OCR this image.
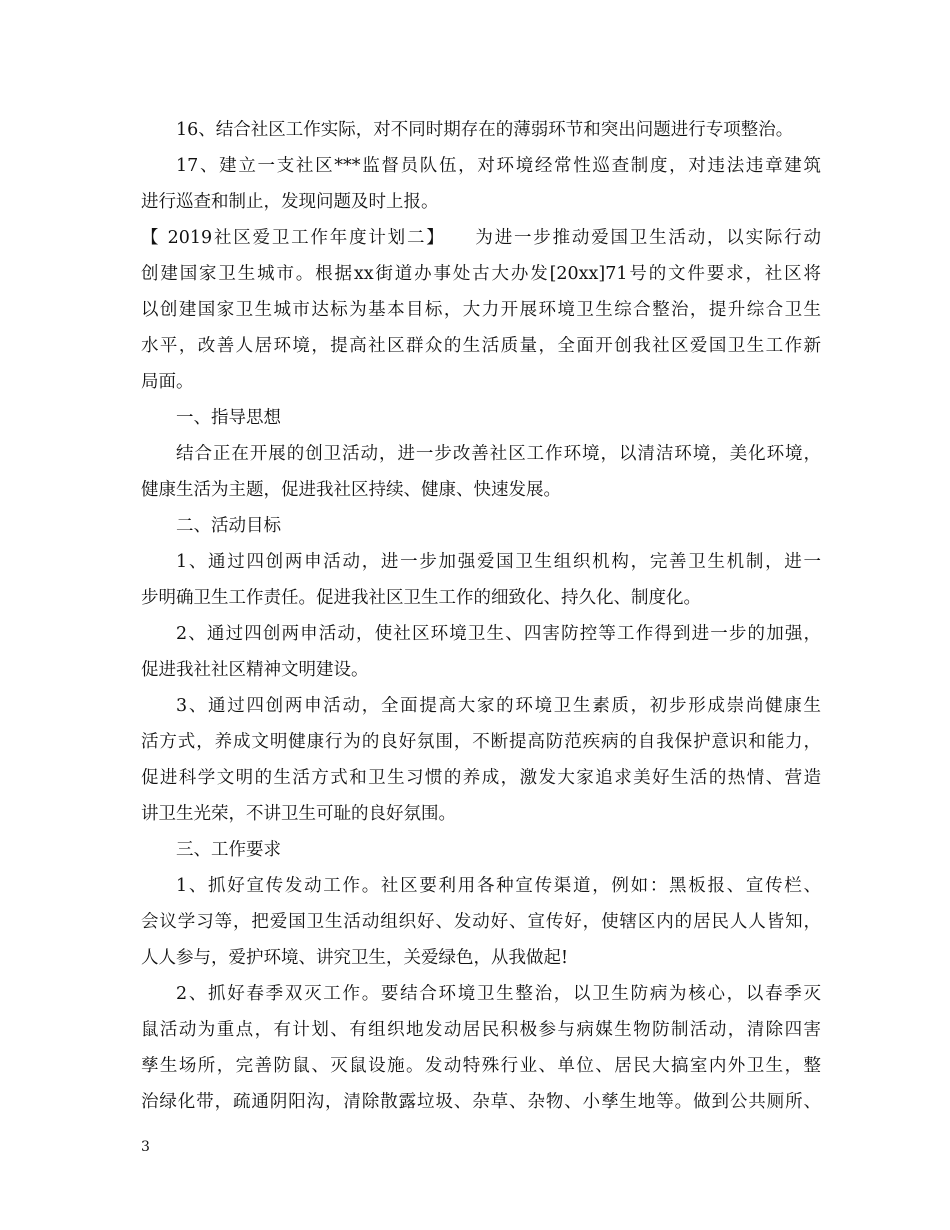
16、结合社区工作实际，对不同时期存在的薄弱环节和突出问题进行专项整治。
17、建立一支社区***监督员队伍，对环境经常性巡查制度，对违法违章建筑
进行巡查和制止，发现问题及时上报。
【 2019社区爱卫工作年度计划二】　　为进一步推动爱国卫生活动，以实际行动
创建国家卫生城市。根据xx街道办事处古大办发[20xx]71号的文件要求，社区将
以创建国家卫生城市达标为基本目标，大力开展环境卫生综合整治，提升综合卫生
水平，改善人居环境，提高社区群众的生活质量，全面开创我社区爱国卫生工作新
局面。
一、指导思想
结合正在开展的创卫活动，进一步改善社区工作环境，以清洁环境，美化环境，
健康生活为主题，促进我社区持续、健康、快速发展。
二、活动目标
1、通过四创两申活动，进一步加强爱国卫生组织机构，完善卫生机制，进一
步明确卫生工作责任。促进我社区卫生工作的细致化、持久化、制度化。
2、通过四创两申活动，使社区环境卫生、四害防控等工作得到进一步的加强，
促进我社社区精神文明建设。
3、通过四创两申活动，全面提高大家的环境卫生素质，初步形成崇尚健康生
活方式，养成文明健康行为的良好氛围，不断提高防范疾病的自我保护意识和能力，
促进科学文明的生活方式和卫生习惯的养成，激发大家追求美好生活的热情、营造
讲卫生光荣，不讲卫生可耻的良好氛围。
三、工作要求
1、抓好宣传发动工作。社区要利用各种宣传渠道，例如：黑板报、宣传栏、
会议学习等，把爱国卫生活动组织好、发动好、宣传好，使辖区内的居民人人皆知，
人人参与，爱护环境、讲究卫生，关爱绿色，从我做起!
2、抓好春季双灭工作。要结合环境卫生整治，以卫生防病为核心，以春季灭
鼠活动为重点，有计划、有组织地发动居民积极参与病媒生物防制活动，清除四害
孳生场所，完善防鼠、灭鼠设施。发动特殊行业、单位、居民大搞室内外卫生，整
治绿化带，疏通阴阳沟，清除散露垃圾、杂草、杂物、小孳生地等。做到公共厕所、
3
